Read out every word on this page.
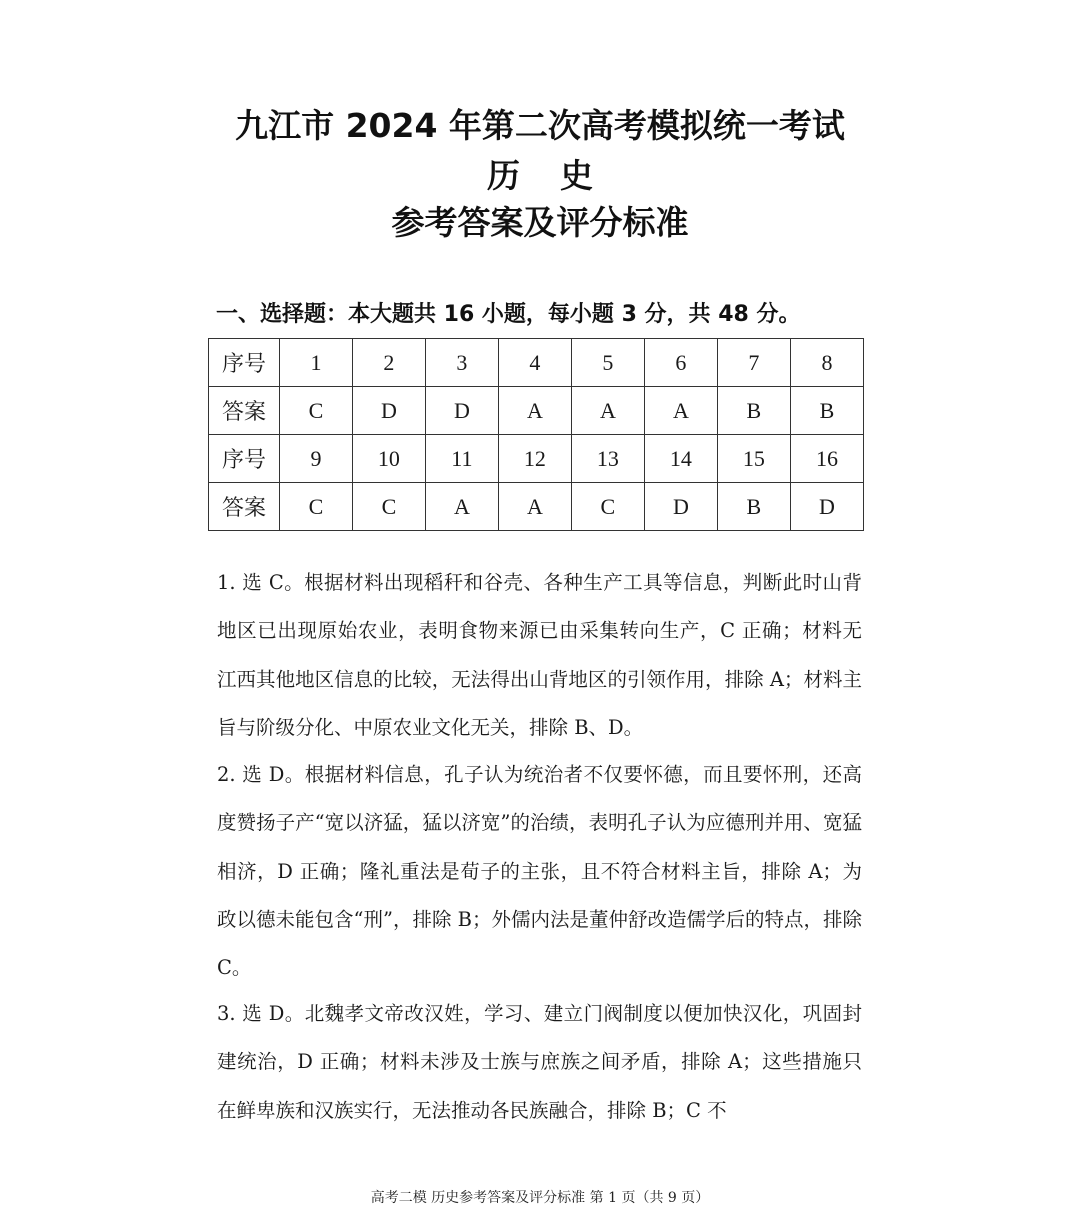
九江市 2024 年第二次高考模拟统一考试
历 史
参考答案及评分标准
一、选择题：本大题共 16 小题，每小题 3 分，共 48 分。
序号	1	2	3	4	5	6	7	8
答案	C	D	D	A	A	A	B	B
序号	9	10	11	12	13	14	15	16
答案	C	C	A	A	C	D	B	D
1. 选 C。根据材料出现稻秆和谷壳、各种生产工具等信息，判断此时山背地区已出现原始农业，表明食物来源已由采集转向生产，C 正确；材料无江西其他地区信息的比较，无法得出山背地区的引领作用，排除 A；材料主旨与阶级分化、中原农业文化无关，排除 B、D。
2. 选 D。根据材料信息，孔子认为统治者不仅要怀德，而且要怀刑，还高度赞扬子产“宽以济猛，猛以济宽”的治绩，表明孔子认为应德刑并用、宽猛相济，D 正确；隆礼重法是荀子的主张，且不符合材料主旨，排除 A；为政以德未能包含“刑”，排除 B；外儒内法是董仲舒改造儒学后的特点，排除 C。
3. 选 D。北魏孝文帝改汉姓，学习、建立门阀制度以便加快汉化，巩固封建统治，D 正确；材料未涉及士族与庶族之间矛盾，排除 A；这些措施只在鲜卑族和汉族实行，无法推动各民族融合，排除 B；C 不
高考二模 历史参考答案及评分标准 第 1 页（共 9 页）
